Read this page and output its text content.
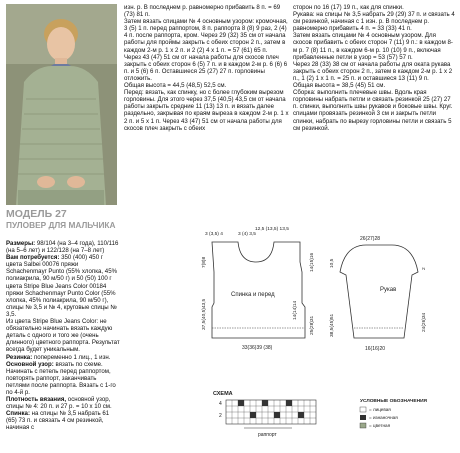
МОДЕЛЬ 27
ПУЛОВЕР ДЛЯ МАЛЬЧИКА

Размеры: 98/104 (на 3–4 года), 110/116 (на 5–6 лет) и 122/128 (на 7–8 лет)

Вам потребуется: 350 (400) 450 г цвета Salbei 00076 пряжи Schachenmayr Punto (55% хлопка, 45% полиакрила, 90 м/50 г) и 50 (50) 100 г цвета Stripe Blue Jeans Color 00184 пряжи Schachenmayr Punto Color (55% хлопка, 45% полиакрила, 90 м/50 г), спицы № 3,5 и № 4, круговые спицы № 3,5.

Из цвета Stripe Blue Jeans Color: не обязательно начинать вязать каждую деталь с одного и того же (очень длинного) цветного раппорта. Результат всегда будет уникальным.

Резинка: попеременно 1 лиц., 1 изн.

Основной узор: вязать по схеме. Начинать с петель перед раппортом, повторять раппорт, заканчивать петлями после раппорта. Вязать с 1-го по 4-й р.

Плотность вязания, основной узор, спицы № 4: 20 п. и 27 р. = 10 х 10 см.

Спинка: на спицы № 3,5 набрать 61 (65) 73 п. и связать 4 см резинкой, начиная с

изн. р. В последнем р. равномерно прибавить 8 п. = 69 (73) 81 п.

Затем вязать спицами № 4 основным узором: кромочная, 3 (5) 1 п. перед раппортом, 8 п. раппорта 8 (8) 9 раз, 2 (4) 4 п. после раппорта, кром. Через 29 (32) 35 см от начала работы для проймы закрыть с обеих сторон 2 п., затем в каждом 2-м р. 1 х 2 п. и 2 (2) 4 х 1 п. = 57 (61) 65 п.

Через 43 (47) 51 см от начала работы для скосов плеч закрыть с обеих сторон 6 (5) 7 п. и в каждом 2-м р. 6 (6) 6 п. и 5 (6) 6 п. Оставшиеся 25 (27) 27 п. горловины отложить.

Общая высота = 44,5 (48,5) 52,5 см.

Перед: вязать, как спинку, но с более глубоким вырезом горловины. Для этого через 37,5 (40,5) 43,5 см от начала работы закрыть средние 11 (13) 13 п. и вязать далее раздельно, закрывая по краям выреза в каждом 2-м р. 1 х 2 п. и 5 х 1 п. Через 43 (47) 51 см от начала работы для скосов плеч закрыть с обеих

сторон по 16 (17) 19 п., как для спинки.

Рукава: на спицы № 3,5 набрать 29 (29) 37 п. и связать 4 см резинкой, начиная с 1 изн. р. В последнем р. равномерно прибавить 4 п. = 33 (33) 41 п.

Затем вязать спицами № 4 основным узором. Для скосов прибавить с обеих сторон 7 (11) 9 п.: в каждом 8-м р. 7 (8) 11 п., в каждом 6-м р. 10 (10) 9 п., включая прибавленные петли в узор = 53 (57) 57 п.

Через 28 (33) 38 см от начала работы для оката рукава закрыть с обеих сторон 2 п., затем в каждом 2-м р. 1 х 2 п., 1 (2) 1 х 1 п. = 25 п. и оставшиеся 13 (11) 9 п.

Общая высота = 38,5 (45) 51 см.

Сборка: выполнить плечевые швы. Вдоль края горловины набрать петли и связать резинкой 25 (27) 27 п. спинки, выполнить швы рукавов и боковые швы. Круг. спицами провязать резинкой 3 см и закрыть петли спинки, набрать по вырезу горловины петли и связать 5 см резинкой.

Спинка и перед
3 (3,5) 4	3 (4) 3,5
12,5 (13,5) 13,5
33(36)39 (38)
7(8)8
37,5(40,5)43,5
14(15)16
25(28)31
14(14)14
Рукав
26(27)28
16(16)20
10,5
38,5(45)51
2
24(26)34
СХЕМА
4
2
раппорт
УСЛОВНЫЕ ОБОЗНАЧЕНИЯ
= лицевая
= изнаночная
= цветная
